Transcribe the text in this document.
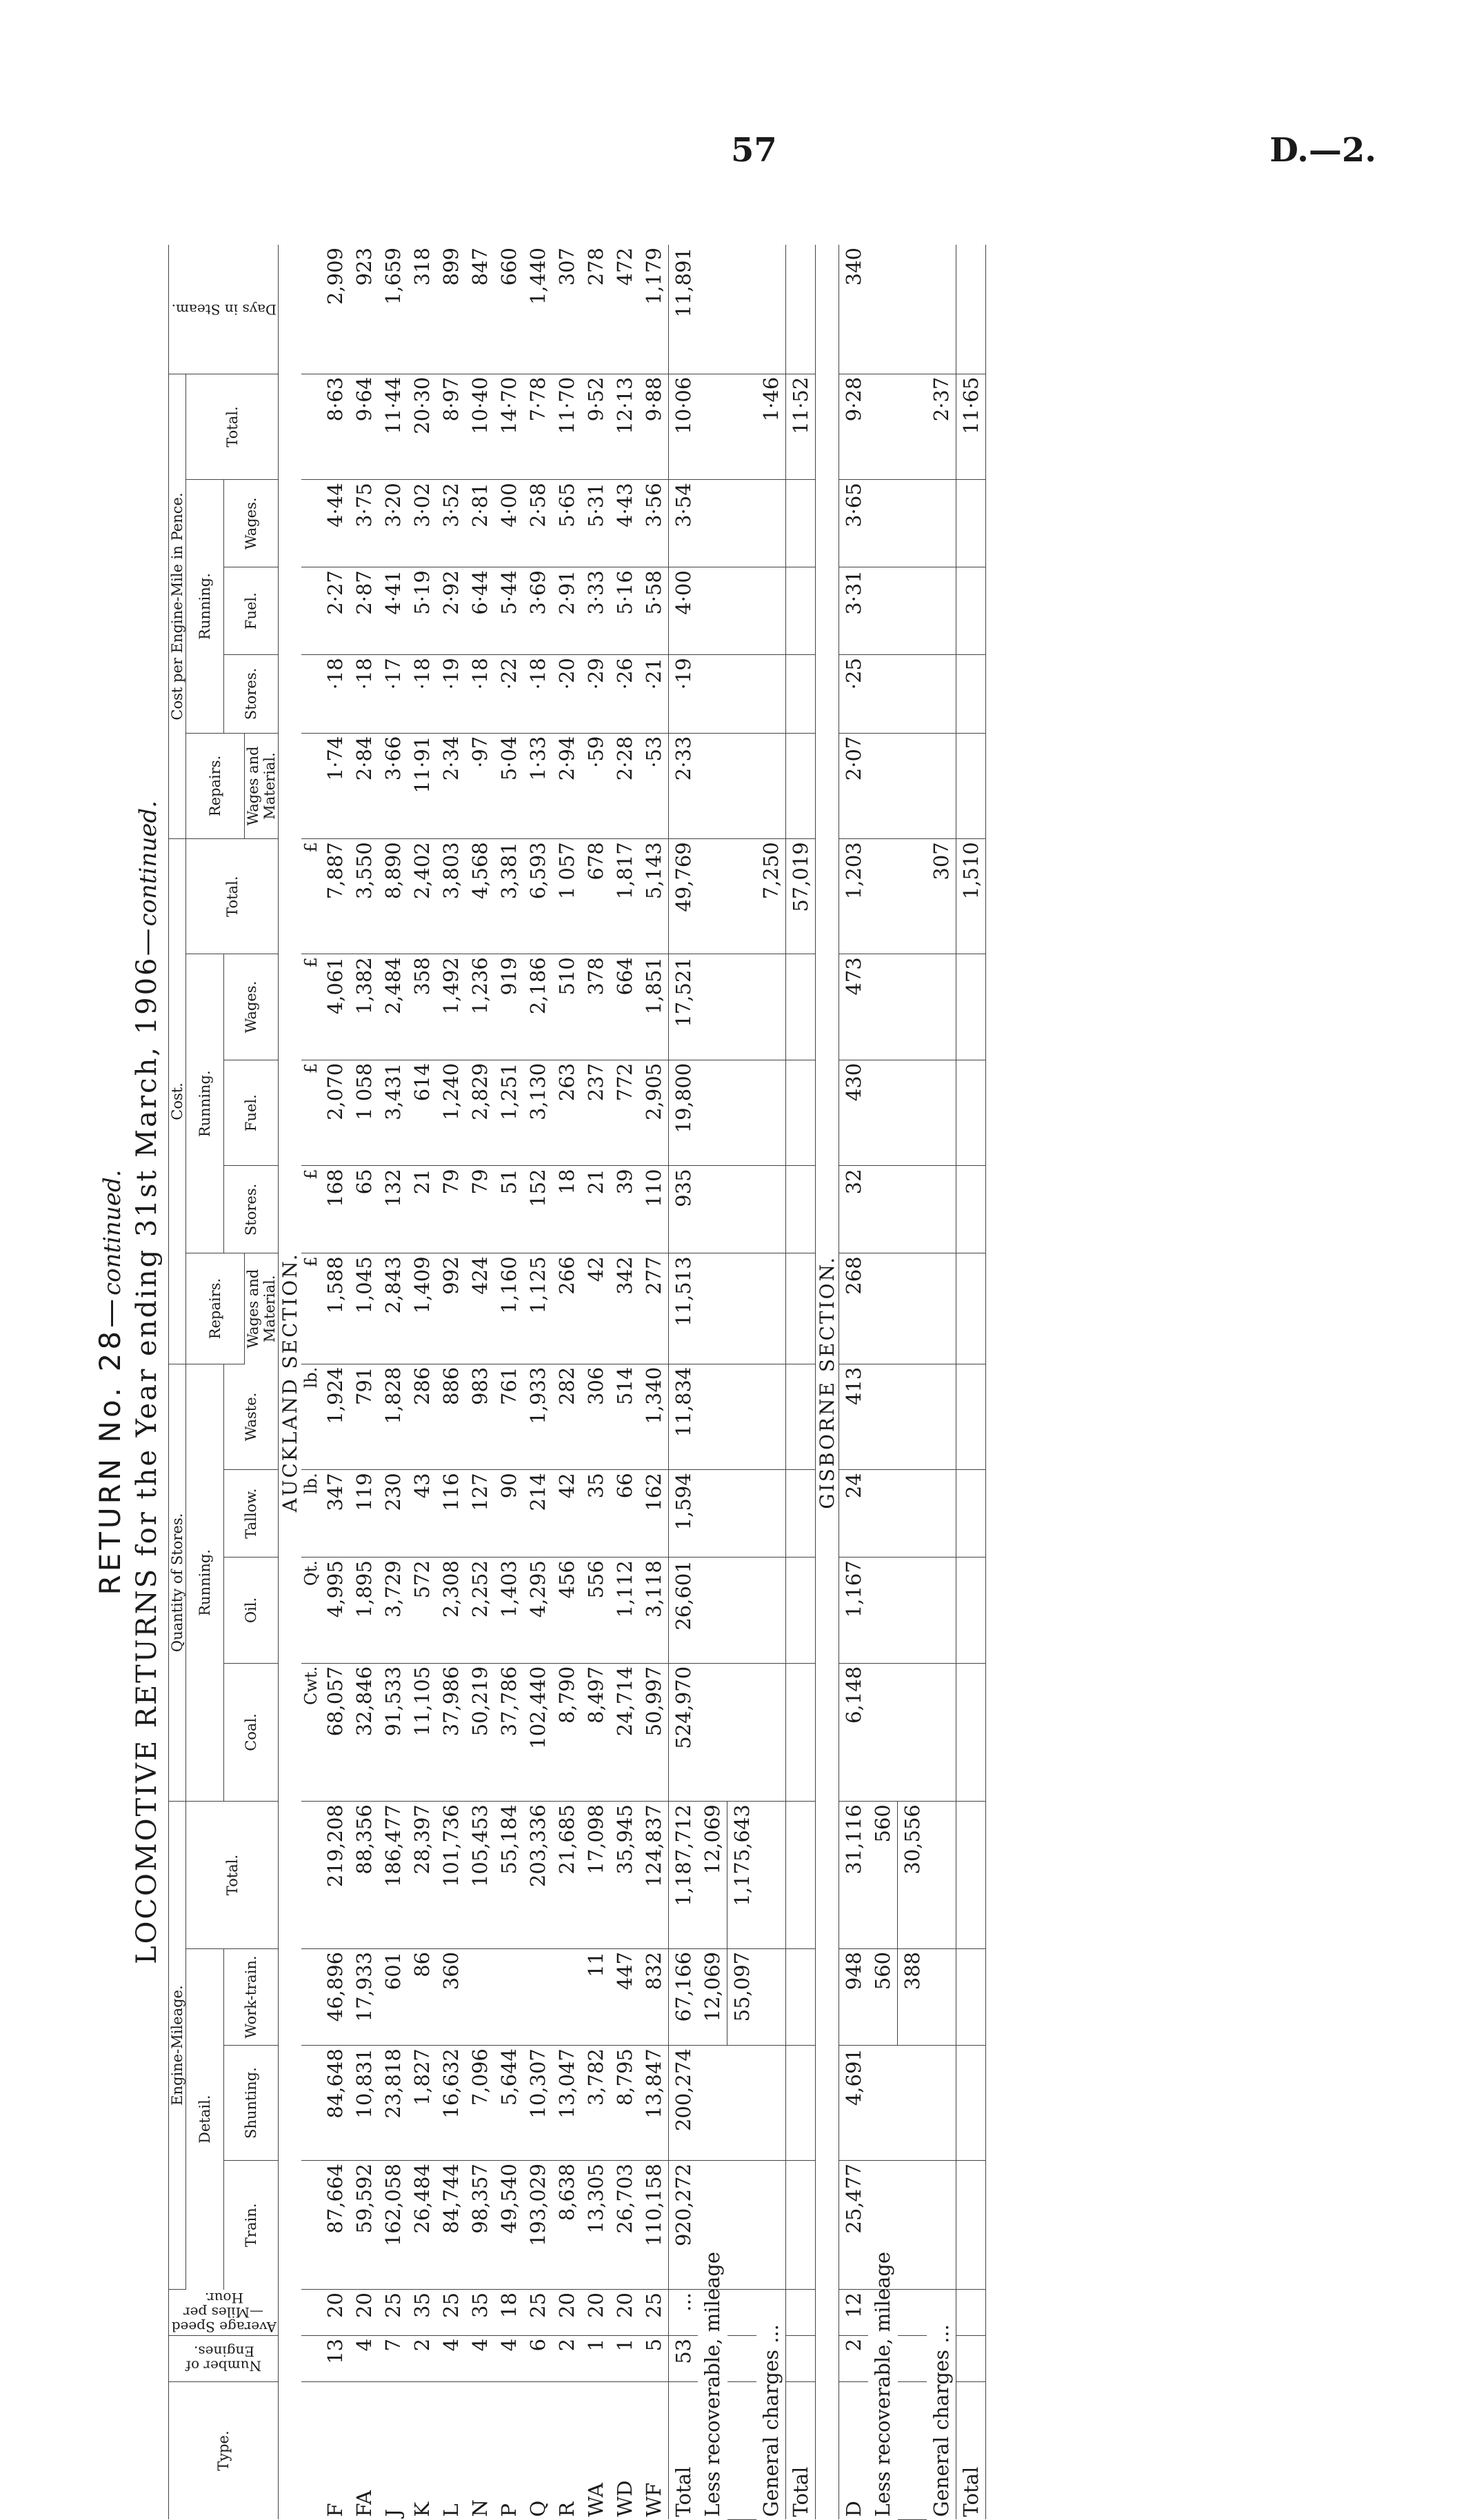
57	D.—2.
RETURN No. 28—continued. LOCOMOTIVE RETURNS for the Year ending 31st March, 1906—continued.
Type.	Number of Engines.	Average Speed—Miles per Hour.	Engine-Mileage.				Quantity of Stores.				Cost.					Cost per Engine-Mile in Pence.					Days in Steam.
			Detail.			Total.	Running.				Repairs.	Running.			Total.	Repairs.	Running.			Total.	
			Train.	Shunting.	Work-train.		Coal.	Oil.	Tallow.	Waste.		Stores.	Fuel.	Wages.			Stores.	Fuel.	Wages.		
											Wages and Material.					Wages and Material.					
AUCKLAND SECTION.																					
							Cwt.	Qt.	lb.	lb.	£	£	£	£	£						
F	13	20	87,664	84,648	46,896	219,208	68,057	4,995	347	1,924	1,588	168	2,070	4,061	7,887	1·74	·18	2·27	4·44	8·63	2,909
FA	4	20	59,592	10,831	17,933	88,356	32,846	1,895	119	791	1,045	65	1 058	1,382	3,550	2·84	·18	2·87	3·75	9·64	923
J	7	25	162,058	23,818	601	186,477	91,533	3,729	230	1,828	2,843	132	3,431	2,484	8,890	3·66	·17	4·41	3·20	11·44	1,659
K	2	35	26,484	1,827	86	28,397	11,105	572	43	286	1,409	21	614	358	2,402	11·91	·18	5·19	3·02	20·30	318
L	4	25	84,744	16,632	360	101,736	37,986	2,308	116	886	992	79	1,240	1,492	3,803	2·34	·19	2·92	3·52	8·97	899
N	4	35	98,357	7,096		105,453	50,219	2,252	127	983	424	79	2,829	1,236	4,568	·97	·18	6·44	2·81	10·40	847
P	4	18	49,540	5,644		55,184	37,786	1,403	90	761	1,160	51	1,251	919	3,381	5·04	·22	5·44	4·00	14·70	660
Q	6	25	193,029	10,307		203,336	102,440	4,295	214	1,933	1,125	152	3,130	2,186	6,593	1·33	·18	3·69	2·58	7·78	1,440
R	2	20	8,638	13,047		21,685	8,790	456	42	282	266	18	263	510	1 057	2·94	·20	2·91	5·65	11·70	307
WA	1	20	13,305	3,782	11	17,098	8,497	556	35	306	42	21	237	378	678	·59	·29	3·33	5·31	9·52	278
WD	1	20	26,703	8,795	447	35,945	24,714	1,112	66	514	342	39	772	664	1,817	2·28	·26	5·16	4·43	12·13	472
WF	5	25	110,158	13,847	832	124,837	50,997	3,118	162	1,340	277	110	2,905	1,851	5,143	·53	·21	5·58	3·56	9·88	1,179
Total	53	...	920,272	200,274	67,166	1,187,712	524,970	26,601	1,594	11,834	11,513	935	19,800	17,521	49,769	2·33	·19	4·00	3·54	10·06	11,891
Less recoverable, mileage					12,069	12,069															
					55,097	1,175,643															
General charges ...															7,250					1·46	
Total															57,019					11·52	
GISBORNE SECTION.																					
D	2	12	25,477	4,691	948	31,116	6,148	1,167	24	413	268	32	430	473	1,203	2·07	·25	3·31	3·65	9·28	340
Less recoverable, mileage					560	560															
					388	30,556															
General charges ...															307					2·37	
Total															1,510					11·65	
